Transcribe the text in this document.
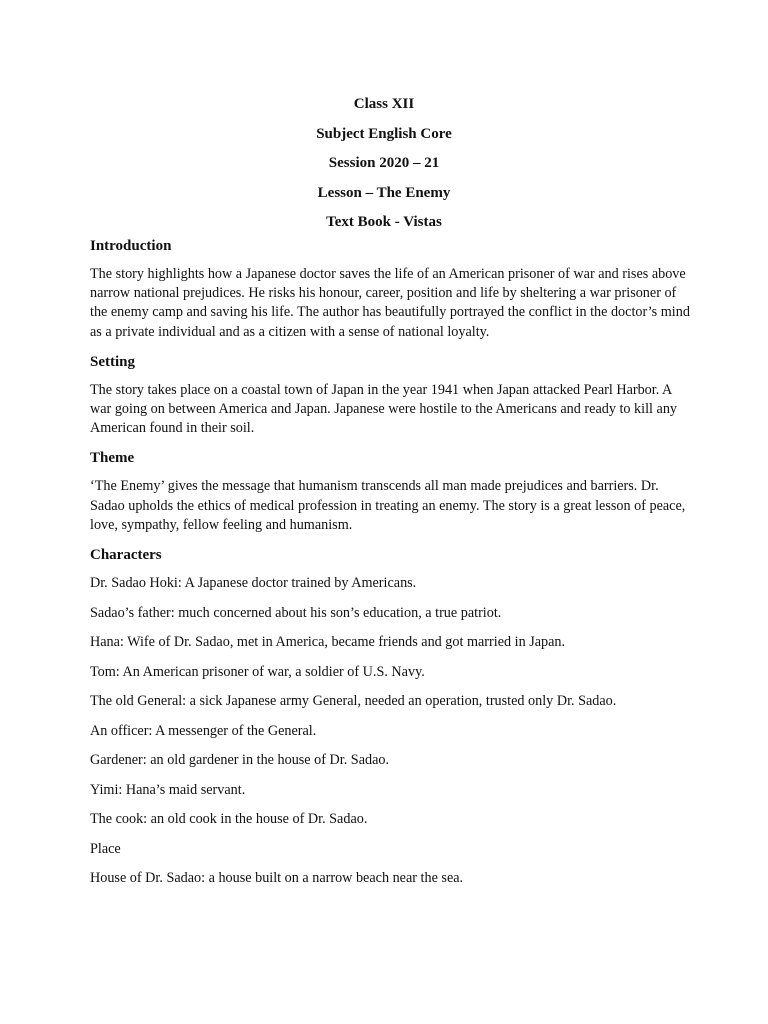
Class XII

Subject English Core

Session 2020 – 21

Lesson – The Enemy

Text Book - Vistas

Introduction

The story highlights how a Japanese doctor saves the life of an American prisoner of war and rises above narrow national prejudices. He risks his honour, career, position and life by sheltering a war prisoner of the enemy camp and saving his life. The author has beautifully portrayed the conflict in the doctor’s mind as a private individual and as a citizen with a sense of national loyalty.

Setting

The story takes place on a coastal town of Japan in the year 1941 when Japan attacked Pearl Harbor. A war going on between America and Japan. Japanese were hostile to the Americans and ready to kill any American found in their soil.

Theme

‘The Enemy’ gives the message that humanism transcends all man made prejudices and barriers. Dr. Sadao upholds the ethics of medical profession in treating an enemy. The story is a great lesson of peace, love, sympathy, fellow feeling and humanism.

Characters

Dr. Sadao Hoki: A Japanese doctor trained by Americans.

Sadao’s father: much concerned about his son’s education, a true patriot.

Hana: Wife of Dr. Sadao, met in America, became friends and got married in Japan.

Tom: An American prisoner of war, a soldier of U.S. Navy.

The old General: a sick Japanese army General, needed an operation, trusted only Dr. Sadao.

An officer: A messenger of the General.

Gardener: an old gardener in the house of Dr. Sadao.

Yimi: Hana’s maid servant.

The cook: an old cook in the house of Dr. Sadao.

Place

House of Dr. Sadao: a house built on a narrow beach near the sea.
